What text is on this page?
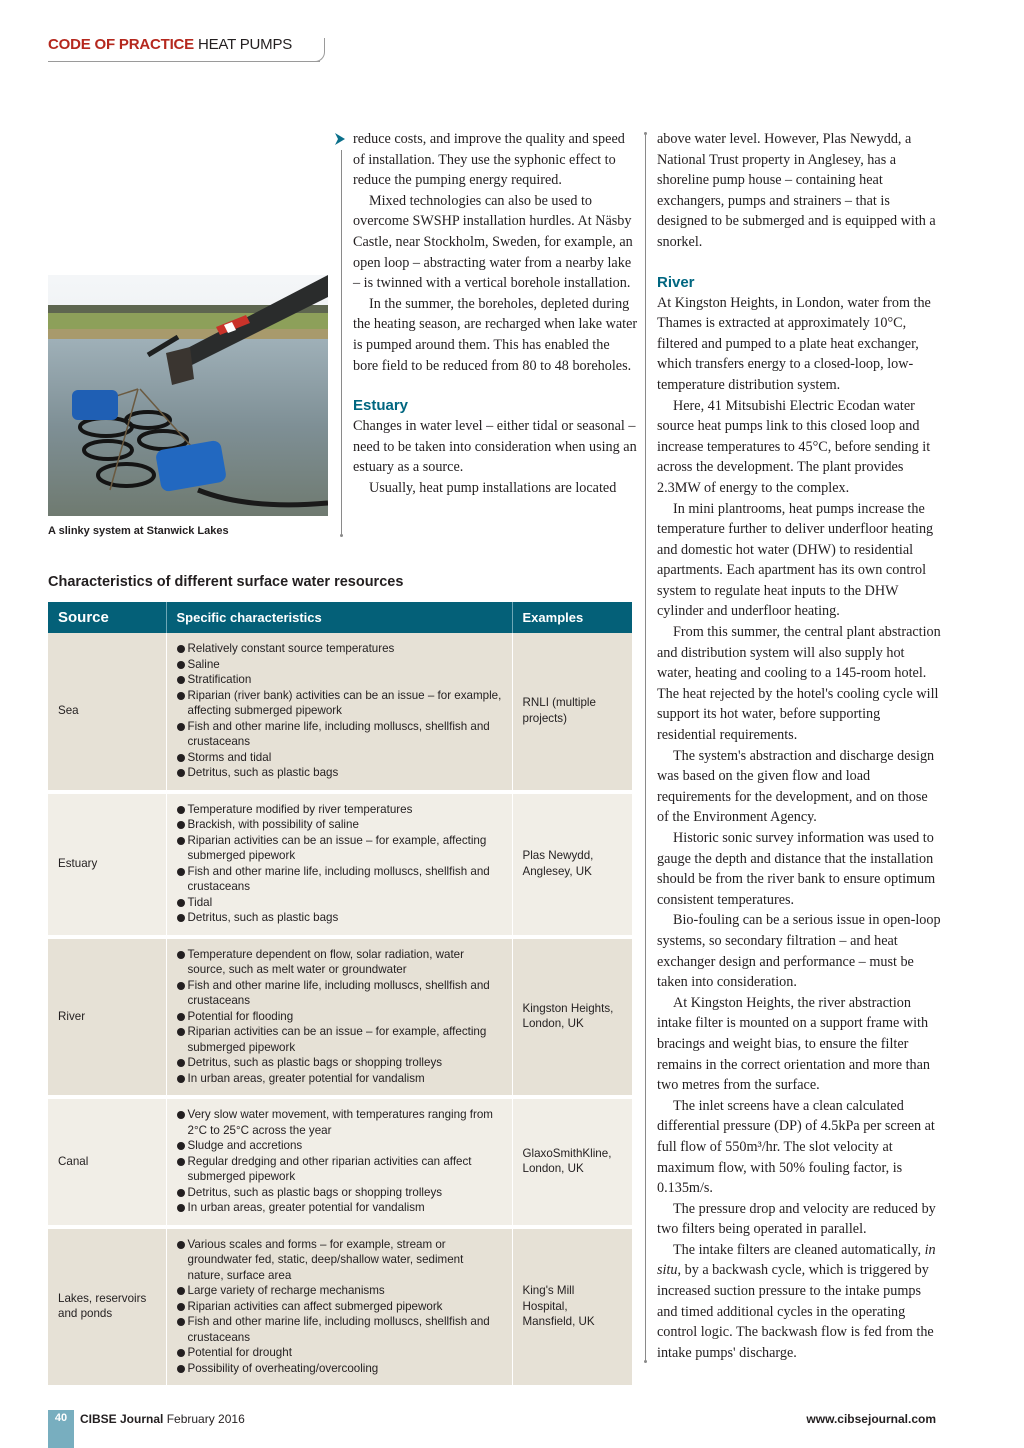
CODE OF PRACTICE HEAT PUMPS
A slinky system at Stanwick Lakes

reduce costs, and improve the quality and speed of installation. They use the syphonic effect to reduce the pumping energy required.

Mixed technologies can also be used to overcome SWSHP installation hurdles. At Näsby Castle, near Stockholm, Sweden, for example, an open loop – abstracting water from a nearby lake – is twinned with a vertical borehole installation.

In the summer, the boreholes, depleted during the heating season, are recharged when lake water is pumped around them. This has enabled the bore field to be reduced from 80 to 48 boreholes.

Estuary

Changes in water level – either tidal or seasonal – need to be taken into consideration when using an estuary as a source.

Usually, heat pump installations are located

above water level. However, Plas Newydd, a National Trust property in Anglesey, has a shoreline pump house – containing heat exchangers, pumps and strainers – that is designed to be submerged and is equipped with a snorkel.

River

At Kingston Heights, in London, water from the Thames is extracted at approximately 10°C, filtered and pumped to a plate heat exchanger, which transfers energy to a closed-loop, low-temperature distribution system.

Here, 41 Mitsubishi Electric Ecodan water source heat pumps link to this closed loop and increase temperatures to 45°C, before sending it across the development. The plant provides 2.3MW of energy to the complex.

In mini plantrooms, heat pumps increase the temperature further to deliver underfloor heating and domestic hot water (DHW) to residential apartments. Each apartment has its own control system to regulate heat inputs to the DHW cylinder and underfloor heating.

From this summer, the central plant abstraction and distribution system will also supply hot water, heating and cooling to a 145-room hotel. The heat rejected by the hotel's cooling cycle will support its hot water, before supporting residential requirements.

The system's abstraction and discharge design was based on the given flow and load requirements for the development, and on those of the Environment Agency.

Historic sonic survey information was used to gauge the depth and distance that the installation should be from the river bank to ensure optimum consistent temperatures.

Bio-fouling can be a serious issue in open-loop systems, so secondary filtration – and heat exchanger design and performance – must be taken into consideration.

At Kingston Heights, the river abstraction intake filter is mounted on a support frame with bracings and weight bias, to ensure the filter remains in the correct orientation and more than two metres from the surface.

The inlet screens have a clean calculated differential pressure (DP) of 4.5kPa per screen at full flow of 550m³/hr. The slot velocity at maximum flow, with 50% fouling factor, is 0.135m/s.

The pressure drop and velocity are reduced by two filters being operated in parallel.

The intake filters are cleaned automatically, in situ, by a backwash cycle, which is triggered by increased suction pressure to the intake pumps and timed additional cycles in the operating control logic. The backwash flow is fed from the intake pumps' discharge.

Characteristics of different surface water resources
Source	Specific characteristics	Examples
Sea	
Relatively constant source temperatures
Saline
Stratification
Riparian (river bank) activities can be an issue – for example, affecting submerged pipework
Fish and other marine life, including molluscs, shellfish and crustaceans
Storms and tidal
Detritus, such as plastic bags
	RNLI (multiple projects)
Estuary	
Temperature modified by river temperatures
Brackish, with possibility of saline
Riparian activities can be an issue – for example, affecting submerged pipework
Fish and other marine life, including molluscs, shellfish and crustaceans
Tidal
Detritus, such as plastic bags
	Plas Newydd, Anglesey, UK
River	
Temperature dependent on flow, solar radiation, water source, such as melt water or groundwater
Fish and other marine life, including molluscs, shellfish and crustaceans
Potential for flooding
Riparian activities can be an issue – for example, affecting submerged pipework
Detritus, such as plastic bags or shopping trolleys
In urban areas, greater potential for vandalism
	Kingston Heights, London, UK
Canal	
Very slow water movement, with temperatures ranging from 2°C to 25°C across the year
Sludge and accretions
Regular dredging and other riparian activities can affect submerged pipework
Detritus, such as plastic bags or shopping trolleys
In urban areas, greater potential for vandalism
	GlaxoSmithKline, London, UK
Lakes, reservoirs and ponds	
Various scales and forms – for example, stream or groundwater fed, static, deep/shallow water, sediment nature, surface area
Large variety of recharge mechanisms
Riparian activities can affect submerged pipework
Fish and other marine life, including molluscs, shellfish and crustaceans
Potential for drought
Possibility of overheating/overcooling
	King's Mill Hospital, Mansfield, UK
40	CIBSE Journal February 2016	www.cibsejournal.com
